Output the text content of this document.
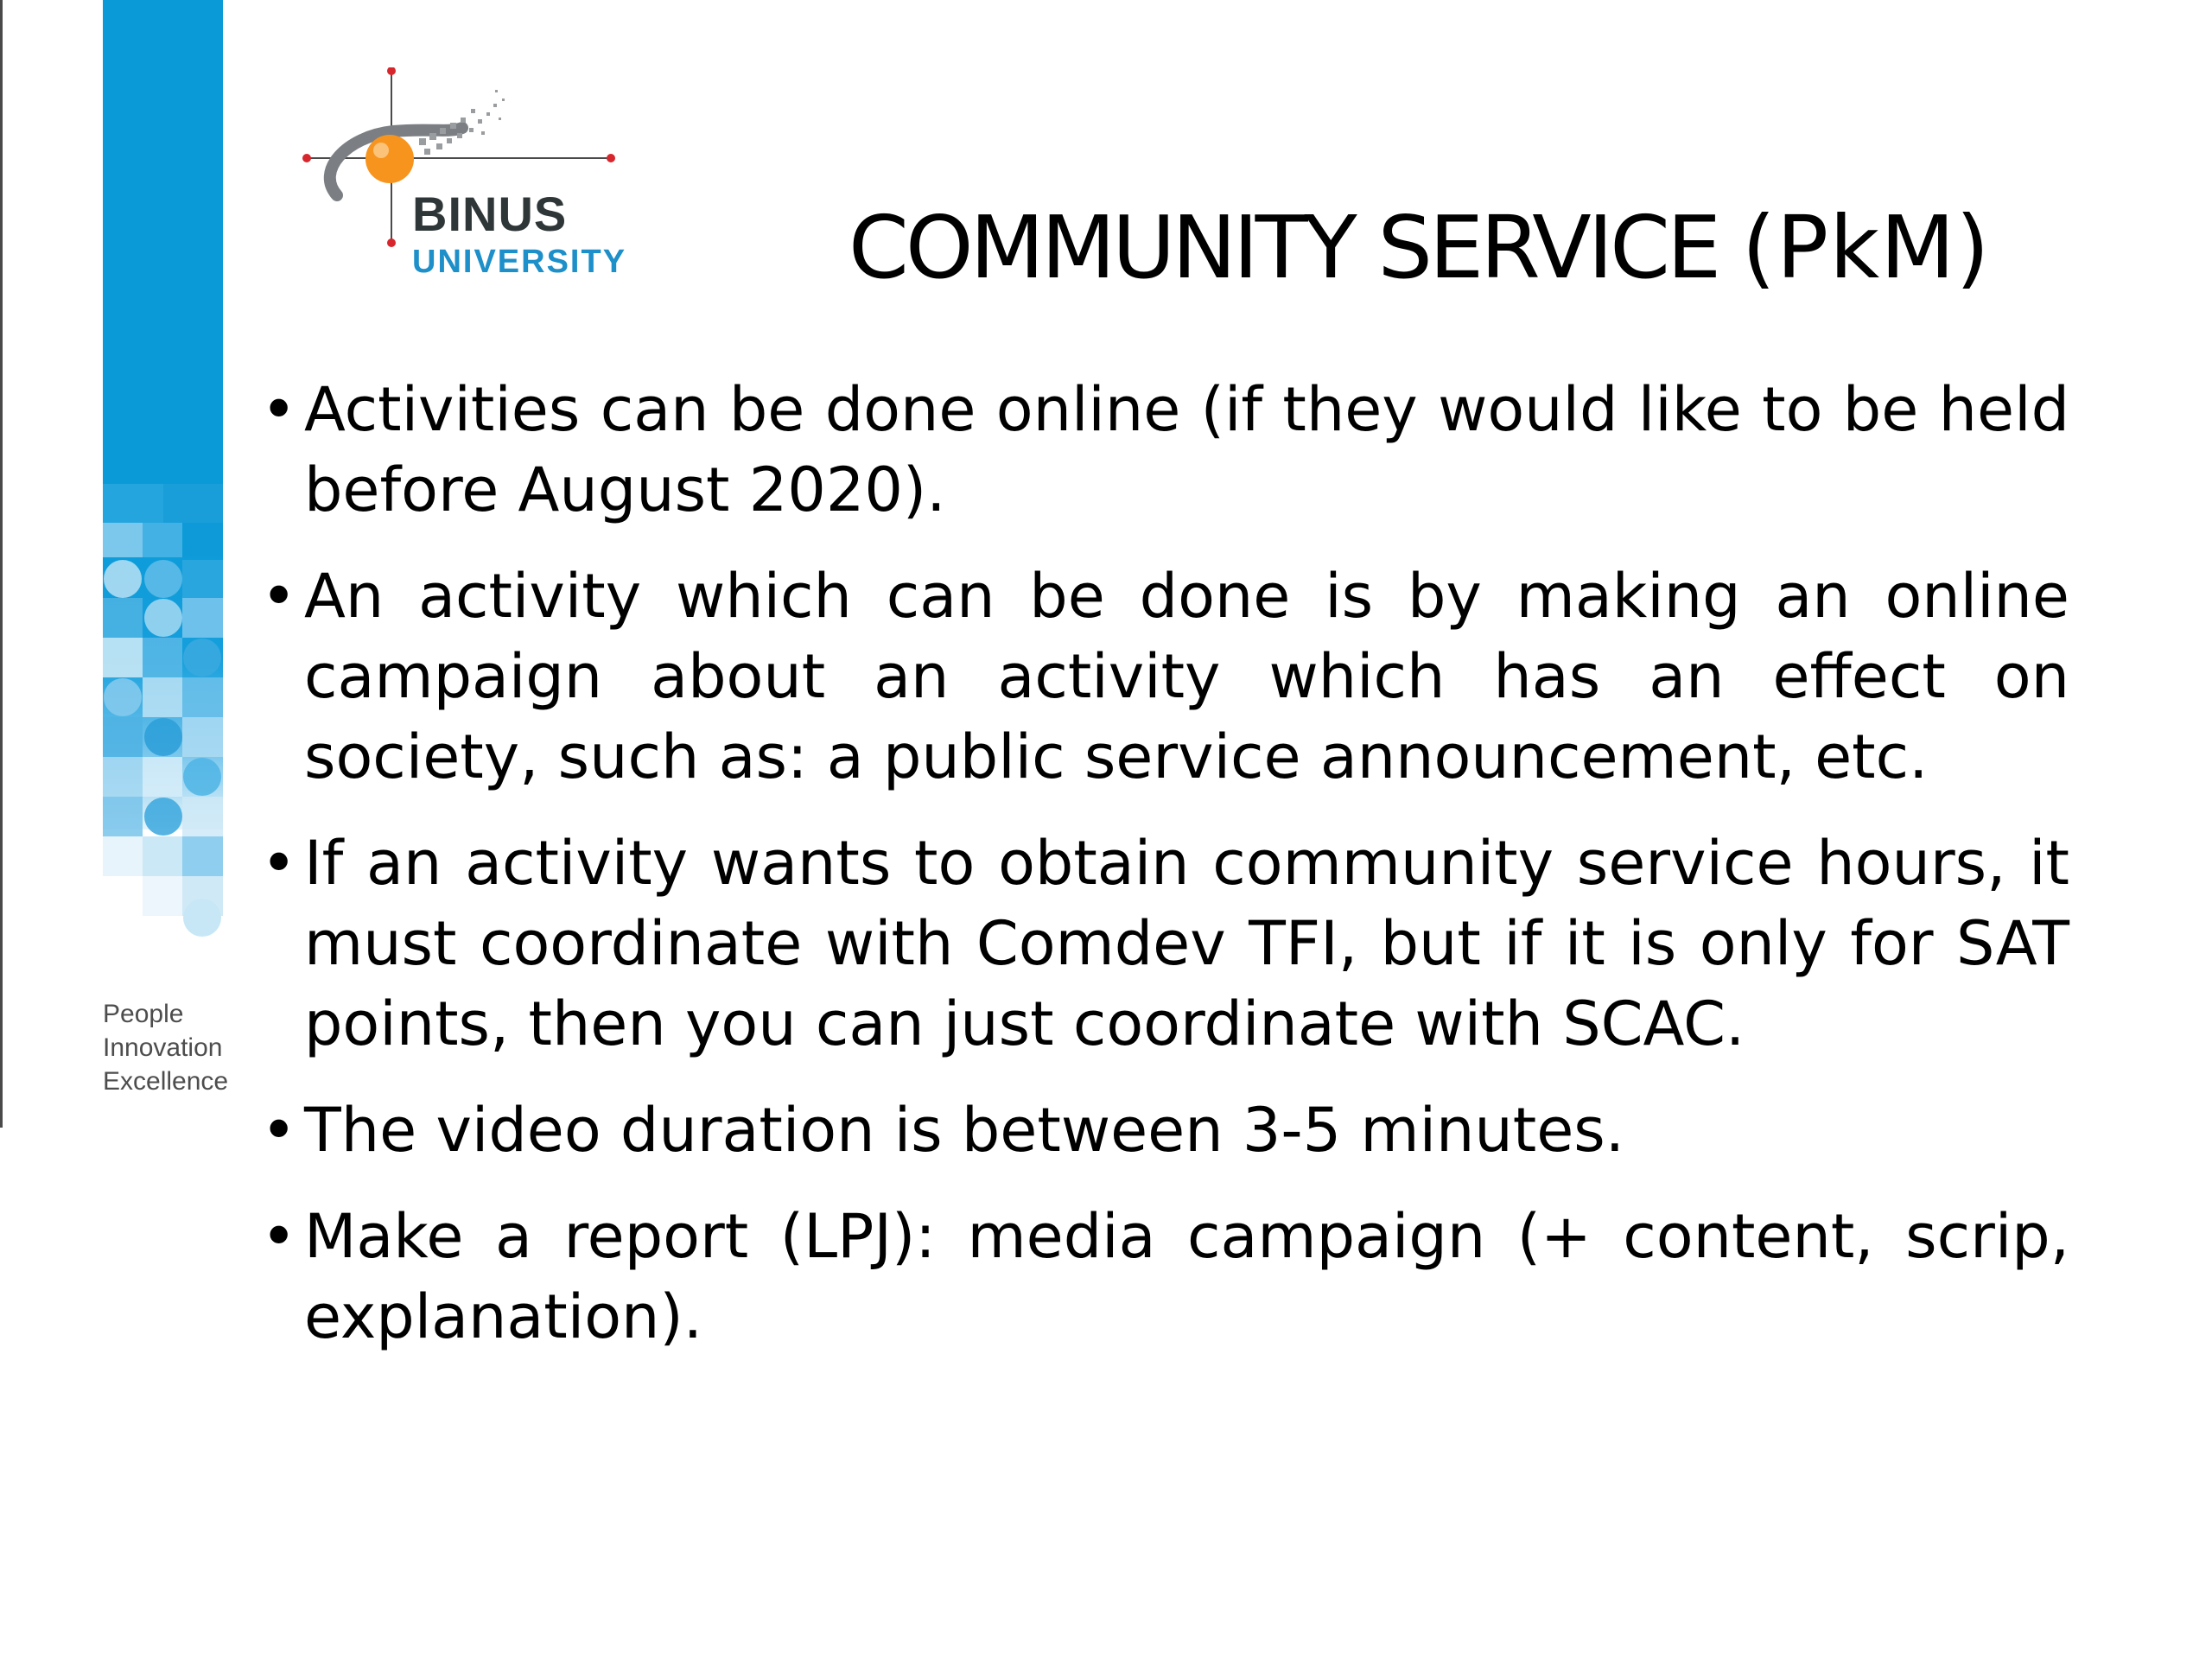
People
Innovation
Excellence
BINUS
UNIVERSITY	COMMUNITY SERVICE (PkM)
• Activities can be done online (if they would like to be held before August 2020).
• An activity which can be done is by making an online campaign about an activity which has an effect on society, such as: a public service announcement, etc.
• If an activity wants to obtain community service hours, it must coordinate with Comdev TFI, but if it is only for SAT points, then you can just coordinate with SCAC.
• The video duration is between 3-5 minutes.
• Make a report (LPJ): media campaign (+ content, scrip, explanation).
